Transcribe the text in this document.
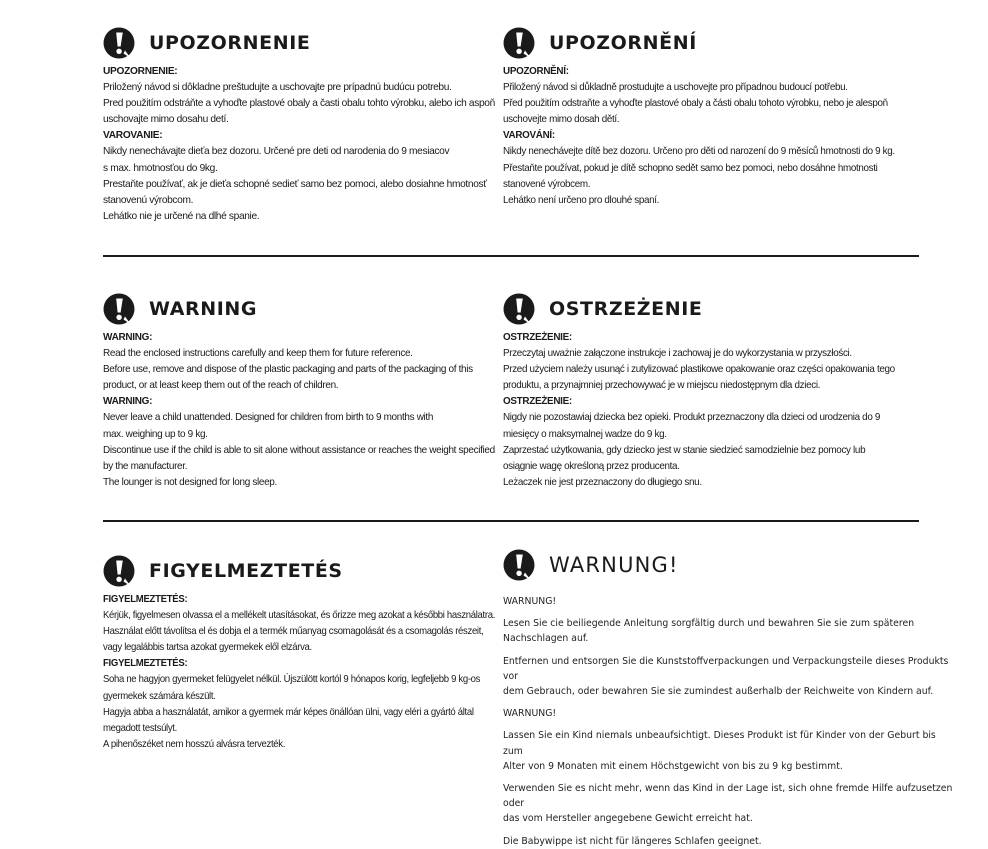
UPOZORNENIE

UPOZORNENIE:

Priložený návod si dôkladne preštudujte a uschovajte pre prípadnú budúcu potrebu.

Pred použitím odstráňte a vyhoďte plastové obaly a časti obalu tohto výrobku, alebo ich aspoň
uschovajte mimo dosahu detí.

VAROVANIE:

Nikdy nenechávajte dieťa bez dozoru. Určené pre deti od narodenia do 9 mesiacov
s max. hmotnosťou do 9kg.

Prestaňte používať, ak je dieťa schopné sedieť samo bez pomoci, alebo dosiahne hmotnosť
stanovenú výrobcom.

Lehátko nie je určené na dlhé spanie.

UPOZORNĚNÍ

UPOZORNĚNÍ:

Přiložený návod si důkladně prostudujte a uschovejte pro případnou budoucí potřebu.

Před použitím odstraňte a vyhoďte plastové obaly a části obalu tohoto výrobku, nebo je alespoň
uschovejte mimo dosah dětí.

VAROVÁNÍ:

Nikdy nenechávejte dítě bez dozoru. Určeno pro děti od narození do 9 měsíců hmotnosti do 9 kg.

Přestaňte používat, pokud je dítě schopno sedět samo bez pomoci, nebo dosáhne hmotnosti
stanovené výrobcem.

Lehátko není určeno pro dlouhé spaní.

WARNING

WARNING:

Read the enclosed instructions carefully and keep them for future reference.

Before use, remove and dispose of the plastic packaging and parts of the packaging of this
product, or at least keep them out of the reach of children.

WARNING:

Never leave a child unattended. Designed for children from birth to 9 months with
max. weighing up to 9 kg.

Discontinue use if the child is able to sit alone without assistance or reaches the weight specified
by the manufacturer.

The lounger is not designed for long sleep.

OSTRZEŻENIE

OSTRZEŻENIE:

Przeczytaj uważnie załączone instrukcje i zachowaj je do wykorzystania w przyszłości.

Przed użyciem należy usunąć i zutylizować plastikowe opakowanie oraz części opakowania tego
produktu, a przynajmniej przechowywać je w miejscu niedostępnym dla dzieci.

OSTRZEŻENIE:

Nigdy nie pozostawiaj dziecka bez opieki. Produkt przeznaczony dla dzieci od urodzenia do 9
miesięcy o maksymalnej wadze do 9 kg.

Zaprzestać użytkowania, gdy dziecko jest w stanie siedzieć samodzielnie bez pomocy lub
osiągnie wagę określoną przez producenta.

Leżaczek nie jest przeznaczony do długiego snu.

FIGYELMEZTETÉS

FIGYELMEZTETÉS:

Kérjük, figyelmesen olvassa el a mellékelt utasításokat, és őrizze meg azokat a későbbi használatra.

Használat előtt távolítsa el és dobja el a termék műanyag csomagolását és a csomagolás részeit,
vagy legalábbis tartsa azokat gyermekek elől elzárva.

FIGYELMEZTETÉS:

Soha ne hagyjon gyermeket felügyelet nélkül. Újszülött kortól 9 hónapos korig, legfeljebb 9 kg-os
gyermekek számára készült.

Hagyja abba a használatát, amikor a gyermek már képes önállóan ülni, vagy eléri a gyártó által
megadott testsúlyt.

A pihenőszéket nem hosszú alvásra tervezték.

WARNUNG!

WARNUNG!

Lesen Sie cie beiliegende Anleitung sorgfältig durch und bewahren Sie sie zum späteren
Nachschlagen auf.

Entfernen und entsorgen Sie die Kunststoffverpackungen und Verpackungsteile dieses Produkts vor
dem Gebrauch, oder bewahren Sie sie zumindest außerhalb der Reichweite von Kindern auf.

WARNUNG!

Lassen Sie ein Kind niemals unbeaufsichtigt. Dieses Produkt ist für Kinder von der Geburt bis zum
Alter von 9 Monaten mit einem Höchstgewicht von bis zu 9 kg bestimmt.

Verwenden Sie es nicht mehr, wenn das Kind in der Lage ist, sich ohne fremde Hilfe aufzusetzen oder
das vom Hersteller angegebene Gewicht erreicht hat.

Die Babywippe ist nicht für längeres Schlafen geeignet.
